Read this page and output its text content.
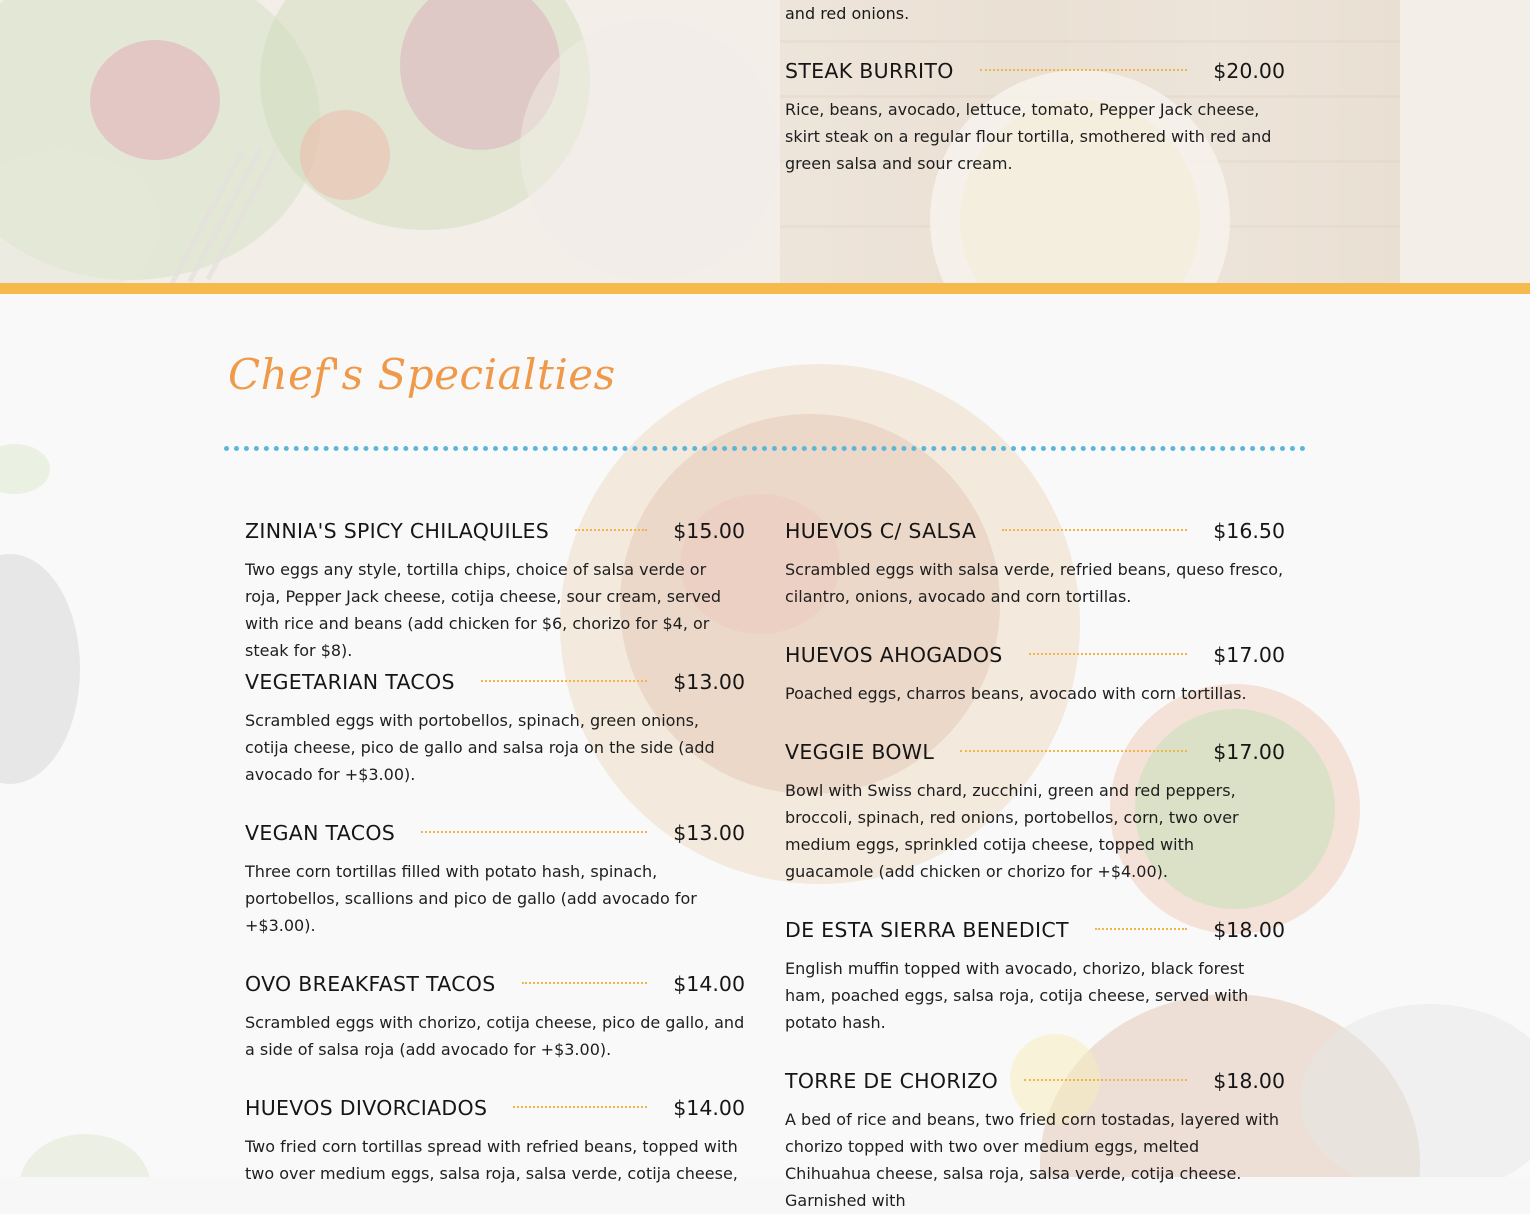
and red onions.

STEAK BURRITO	$20.00

Rice, beans, avocado, lettuce, tomato, Pepper Jack cheese, skirt steak on a regular flour tortilla, smothered with red and green salsa and sour cream.

Chef's Specialties
ZINNIA'S SPICY CHILAQUILES	$15.00

Two eggs any style, tortilla chips, choice of salsa verde or roja, Pepper Jack cheese, cotija cheese, sour cream, served with rice and beans (add chicken for $6, chorizo for $4, or steak for $8).

VEGETARIAN TACOS	$13.00

Scrambled eggs with portobellos, spinach, green onions, cotija cheese, pico de gallo and salsa roja on the side (add avocado for +$3.00).

VEGAN TACOS	$13.00

Three corn tortillas filled with potato hash, spinach, portobellos, scallions and pico de gallo (add avocado for +$3.00).

OVO BREAKFAST TACOS	$14.00

Scrambled eggs with chorizo, cotija cheese, pico de gallo, and a side of salsa roja (add avocado for +$3.00).

HUEVOS DIVORCIADOS	$14.00

Two fried corn tortillas spread with refried beans, topped with two over medium eggs, salsa roja, salsa verde, cotija cheese,

HUEVOS C/ SALSA	$16.50

Scrambled eggs with salsa verde, refried beans, queso fresco, cilantro, onions, avocado and corn tortillas.

HUEVOS AHOGADOS	$17.00

Poached eggs, charros beans, avocado with corn tortillas.

VEGGIE BOWL	$17.00

Bowl with Swiss chard, zucchini, green and red peppers, broccoli, spinach, red onions, portobellos, corn, two over medium eggs, sprinkled cotija cheese, topped with guacamole (add chicken or chorizo for +$4.00).

DE ESTA SIERRA BENEDICT	$18.00

English muffin topped with avocado, chorizo, black forest ham, poached eggs, salsa roja, cotija cheese, served with potato hash.

TORRE DE CHORIZO	$18.00

A bed of rice and beans, two fried corn tostadas, layered with chorizo topped with two over medium eggs, melted Chihuahua cheese, salsa roja, salsa verde, cotija cheese. Garnished with
